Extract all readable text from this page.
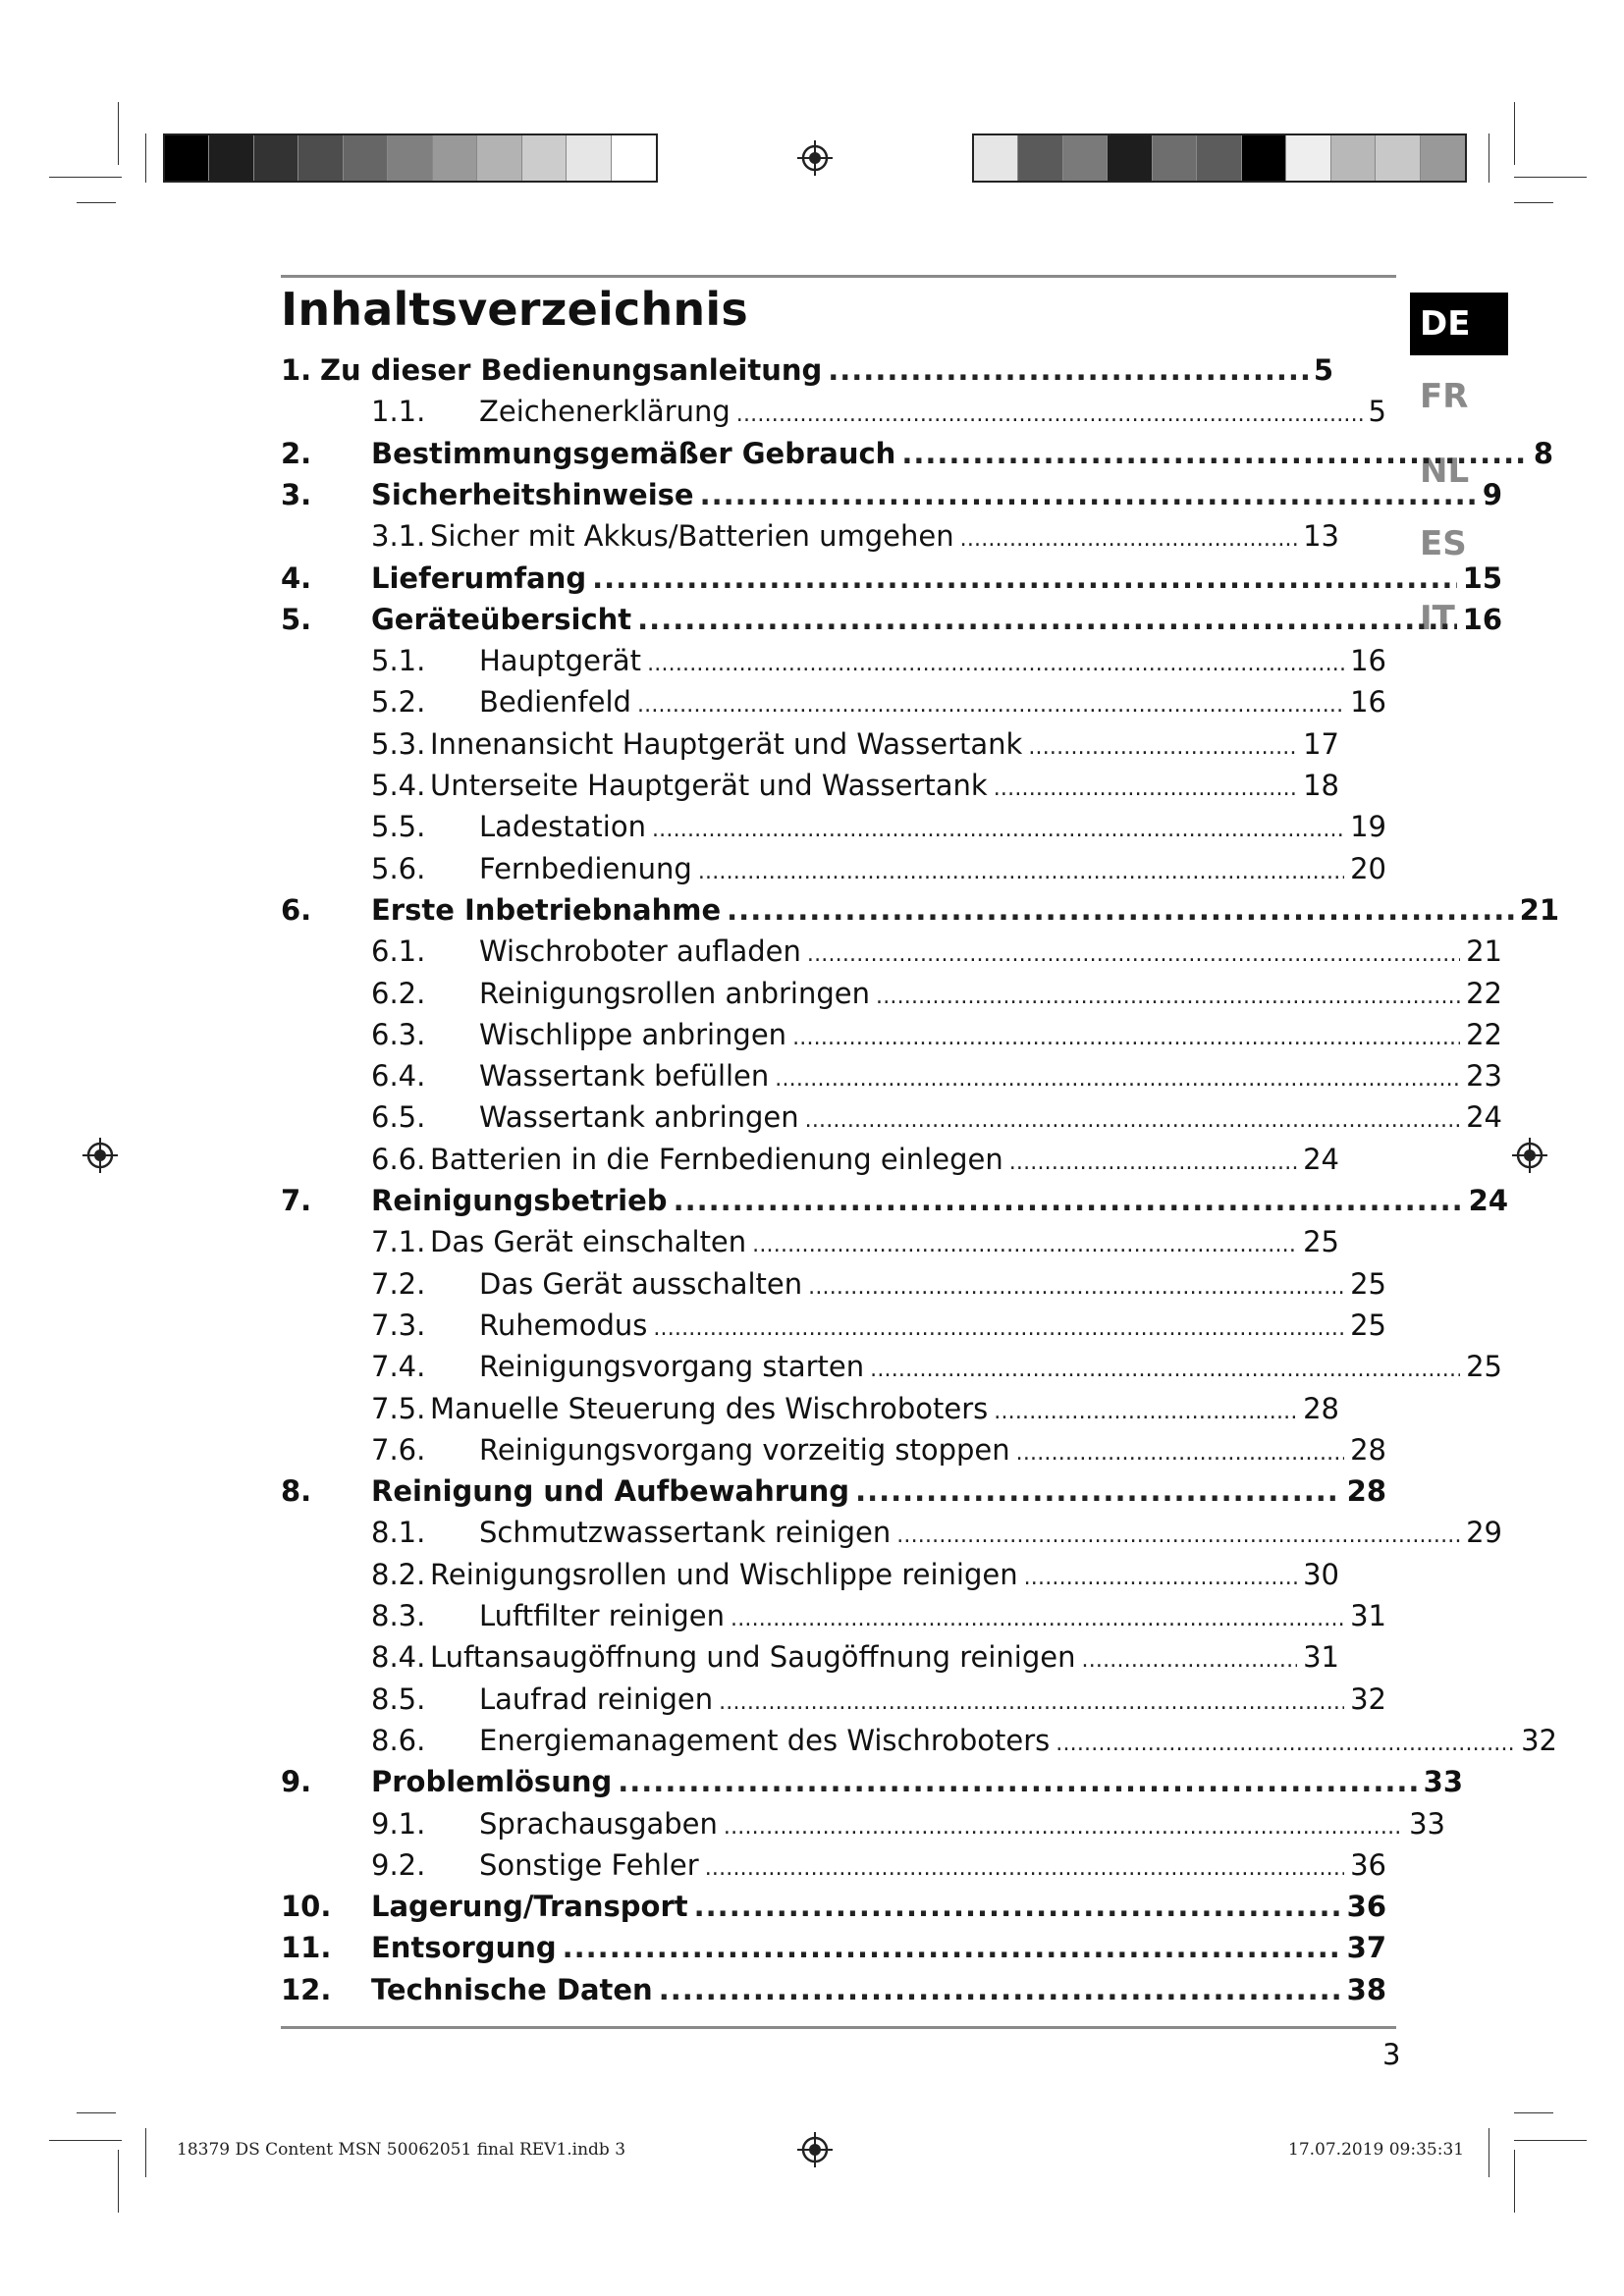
Inhaltsverzeichnis	DE
FR
NL
ES
IT
1. Zu dieser Bedienungsanleitung .....	5
1.1.	Zeichenerklärung .....	5
2.	Bestimmungsgemäßer Gebrauch .....	8
3.	Sicherheitshinweise .....	9
3.1. Sicher mit Akkus/Batterien umgehen .....	13
4.	Lieferumfang .....	15
5.	Geräteübersicht .....	16
5.1.	Hauptgerät .....	16
5.2.	Bedienfeld .....	16
5.3. Innenansicht Hauptgerät und Wassertank .....	17
5.4. Unterseite Hauptgerät und Wassertank .....	18
5.5.	Ladestation .....	19
5.6.	Fernbedienung .....	20
6.	Erste Inbetriebnahme .....	21
6.1.	Wischroboter aufladen .....	21
6.2.	Reinigungsrollen anbringen .....	22
6.3.	Wischlippe anbringen .....	22
6.4.	Wassertank befüllen .....	23
6.5.	Wassertank anbringen .....	24
6.6. Batterien in die Fernbedienung einlegen .....	24
7.	Reinigungsbetrieb .....	24
7.1. Das Gerät einschalten .....	25
7.2.	Das Gerät ausschalten .....	25
7.3.	Ruhemodus .....	25
7.4.	Reinigungsvorgang starten .....	25
7.5. Manuelle Steuerung des Wischroboters .....	28
7.6.	Reinigungsvorgang vorzeitig stoppen .....	28
8.	Reinigung und Aufbewahrung .....	28
8.1.	Schmutzwassertank reinigen .....	29
8.2. Reinigungsrollen und Wischlippe reinigen .....	30
8.3.	Luftfilter reinigen .....	31
8.4. Luftansaugöffnung und Saugöffnung reinigen .....	31
8.5.	Laufrad reinigen .....	32
8.6.	Energiemanagement des Wischroboters .....	32
9.	Problemlösung .....	33
9.1.	Sprachausgaben .....	33
9.2.	Sonstige Fehler .....	36
10.	Lagerung/Transport .....	36
11.	Entsorgung .....	37
12.	Technische Daten .....	38
3
18379 DS Content MSN 50062051 final REV1.indb 3	17.07.2019 09:35:31
